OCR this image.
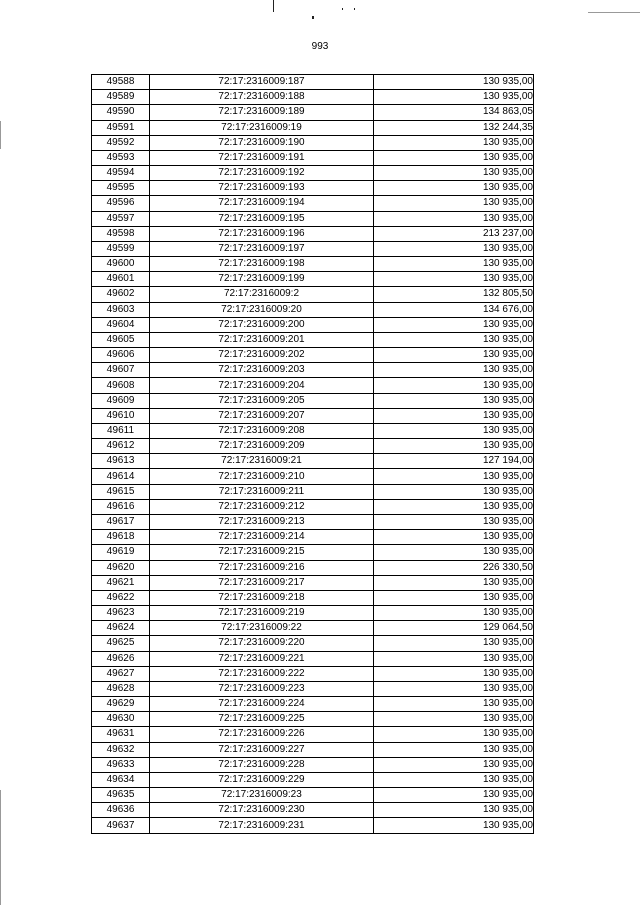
993
49588	72:17:2316009:187	130 935,00
49589	72:17:2316009:188	130 935,00
49590	72:17:2316009:189	134 863,05
49591	72:17:2316009:19	132 244,35
49592	72:17:2316009:190	130 935,00
49593	72:17:2316009:191	130 935,00
49594	72:17:2316009:192	130 935,00
49595	72:17:2316009:193	130 935,00
49596	72:17:2316009:194	130 935,00
49597	72:17:2316009:195	130 935,00
49598	72:17:2316009:196	213 237,00
49599	72:17:2316009:197	130 935,00
49600	72:17:2316009:198	130 935,00
49601	72:17:2316009:199	130 935,00
49602	72:17:2316009:2	132 805,50
49603	72:17:2316009:20	134 676,00
49604	72:17:2316009:200	130 935,00
49605	72:17:2316009:201	130 935,00
49606	72:17:2316009:202	130 935,00
49607	72:17:2316009:203	130 935,00
49608	72:17:2316009:204	130 935,00
49609	72:17:2316009:205	130 935,00
49610	72:17:2316009:207	130 935,00
49611	72:17:2316009:208	130 935,00
49612	72:17:2316009:209	130 935,00
49613	72:17:2316009:21	127 194,00
49614	72:17:2316009:210	130 935,00
49615	72:17:2316009:211	130 935,00
49616	72:17:2316009:212	130 935,00
49617	72:17:2316009:213	130 935,00
49618	72:17:2316009:214	130 935,00
49619	72:17:2316009:215	130 935,00
49620	72:17:2316009:216	226 330,50
49621	72:17:2316009:217	130 935,00
49622	72:17:2316009:218	130 935,00
49623	72:17:2316009:219	130 935,00
49624	72:17:2316009:22	129 064,50
49625	72:17:2316009:220	130 935,00
49626	72:17:2316009:221	130 935,00
49627	72:17:2316009:222	130 935,00
49628	72:17:2316009:223	130 935,00
49629	72:17:2316009:224	130 935,00
49630	72:17:2316009:225	130 935,00
49631	72:17:2316009:226	130 935,00
49632	72:17:2316009:227	130 935,00
49633	72:17:2316009:228	130 935,00
49634	72:17:2316009:229	130 935,00
49635	72:17:2316009:23	130 935,00
49636	72:17:2316009:230	130 935,00
49637	72:17:2316009:231	130 935,00
